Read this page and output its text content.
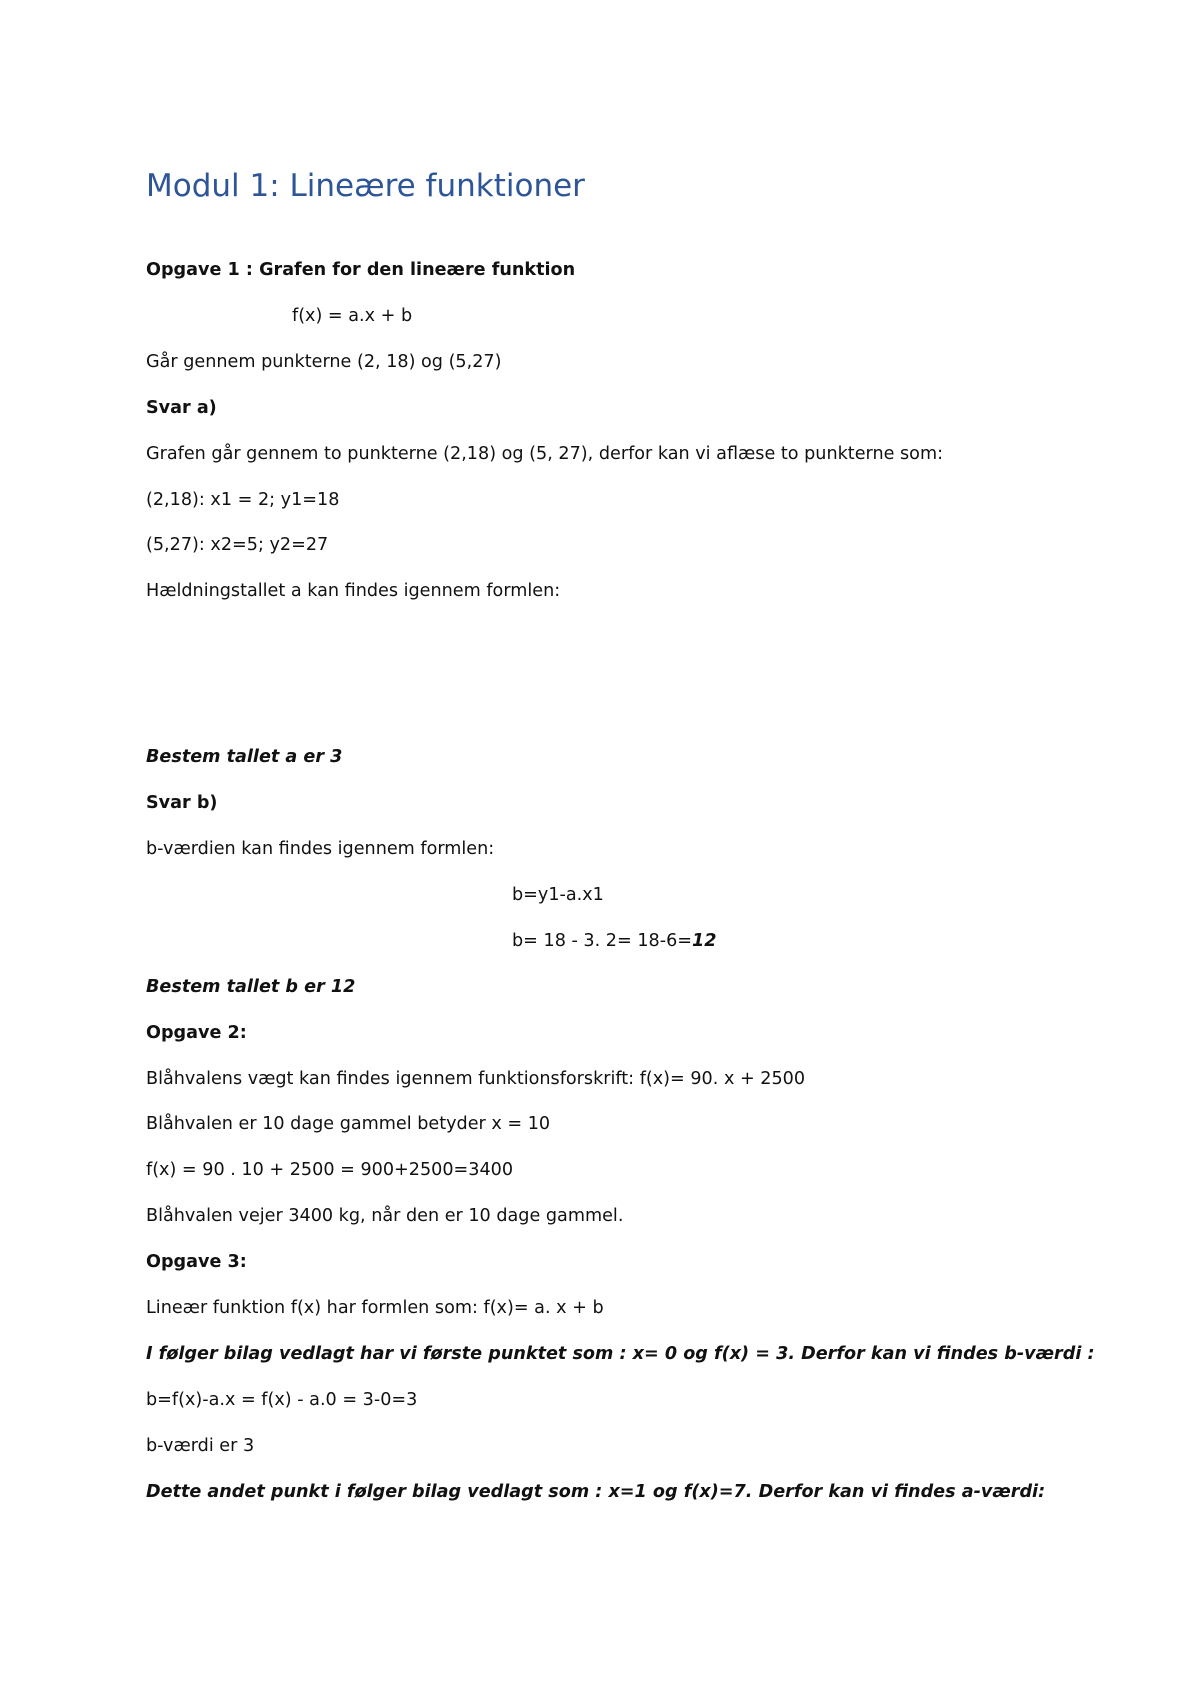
Modul 1: Lineære funktioner

Opgave 1 : Grafen for den lineære funktion

f(x) = a.x + b

Går gennem punkterne (2, 18) og (5,27)

Svar a)

Grafen går gennem to punkterne (2,18) og (5, 27), derfor kan vi aflæse to punkterne som:

(2,18): x1 = 2; y1=18

(5,27): x2=5; y2=27

Hældningstallet a kan findes igennem formlen:

Bestem tallet a er 3

Svar b)

b-værdien kan findes igennem formlen:

b=y1-a.x1

b= 18 - 3. 2= 18-6=12

Bestem tallet b er 12

Opgave 2:

Blåhvalens vægt kan findes igennem funktionsforskrift: f(x)= 90. x + 2500

Blåhvalen er 10 dage gammel betyder x = 10

f(x) = 90 . 10 + 2500 = 900+2500=3400

Blåhvalen vejer 3400 kg, når den er 10 dage gammel.

Opgave 3:

Lineær funktion f(x) har formlen som: f(x)= a. x + b

I følger bilag vedlagt har vi første punktet som : x= 0 og f(x) = 3. Derfor kan vi findes b-værdi :

b=f(x)-a.x = f(x) - a.0 = 3-0=3

b-værdi er 3

Dette andet punkt i følger bilag vedlagt som : x=1 og f(x)=7. Derfor kan vi findes a-værdi:
